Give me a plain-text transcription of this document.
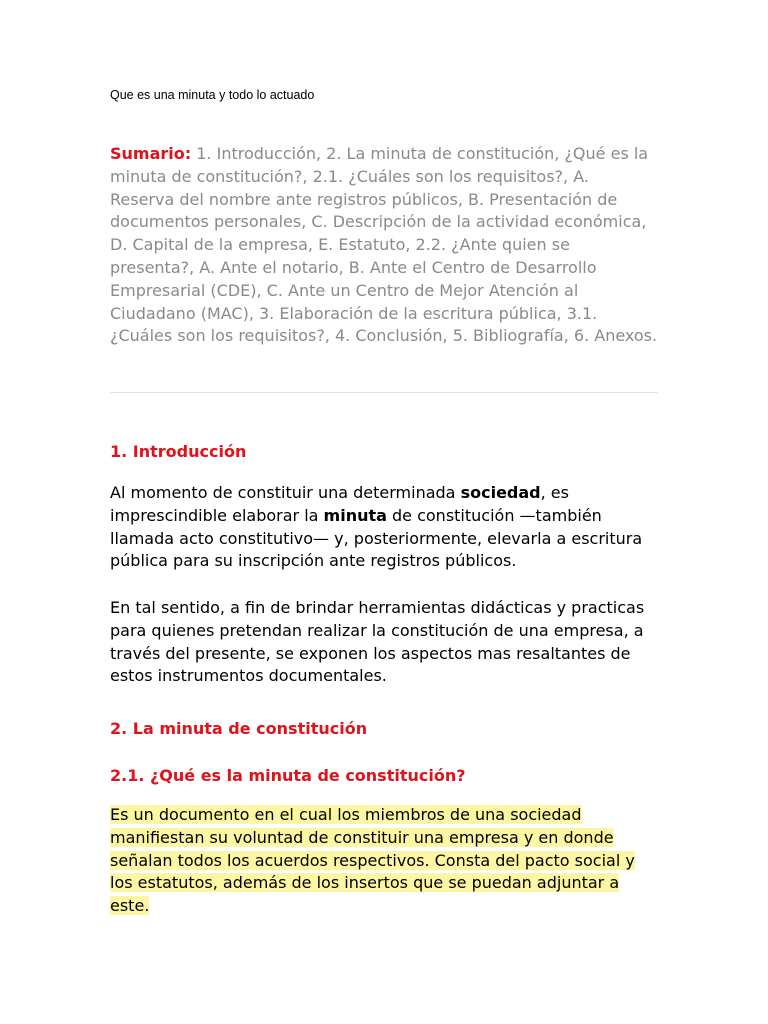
Que es una minuta y todo lo actuado
Sumario: 1. Introducción, 2. La minuta de constitución, ¿Qué es la minuta de constitución?, 2.1. ¿Cuáles son los requisitos?, A. Reserva del nombre ante registros públicos, B. Presentación de documentos personales, C. Descripción de la actividad económica, D. Capital de la empresa, E. Estatuto, 2.2. ¿Ante quien se presenta?, A. Ante el notario, B. Ante el Centro de Desarrollo Empresarial (CDE), C. Ante un Centro de Mejor Atención al Ciudadano (MAC), 3. Elaboración de la escritura pública, 3.1. ¿Cuáles son los requisitos?, 4. Conclusión, 5. Bibliografía, 6. Anexos.
1. Introducción
Al momento de constituir una determinada sociedad, es imprescindible elaborar la minuta de constitución —también llamada acto constitutivo— y, posteriormente, elevarla a escritura pública para su inscripción ante registros públicos.
En tal sentido, a fin de brindar herramientas didácticas y practicas para quienes pretendan realizar la constitución de una empresa, a través del presente, se exponen los aspectos mas resaltantes de estos instrumentos documentales.
2. La minuta de constitución
2.1. ¿Qué es la minuta de constitución?
Es un documento en el cual los miembros de una sociedad manifiestan su voluntad de constituir una empresa y en donde señalan todos los acuerdos respectivos. Consta del pacto social y los estatutos, además de los insertos que se puedan adjuntar a este.
